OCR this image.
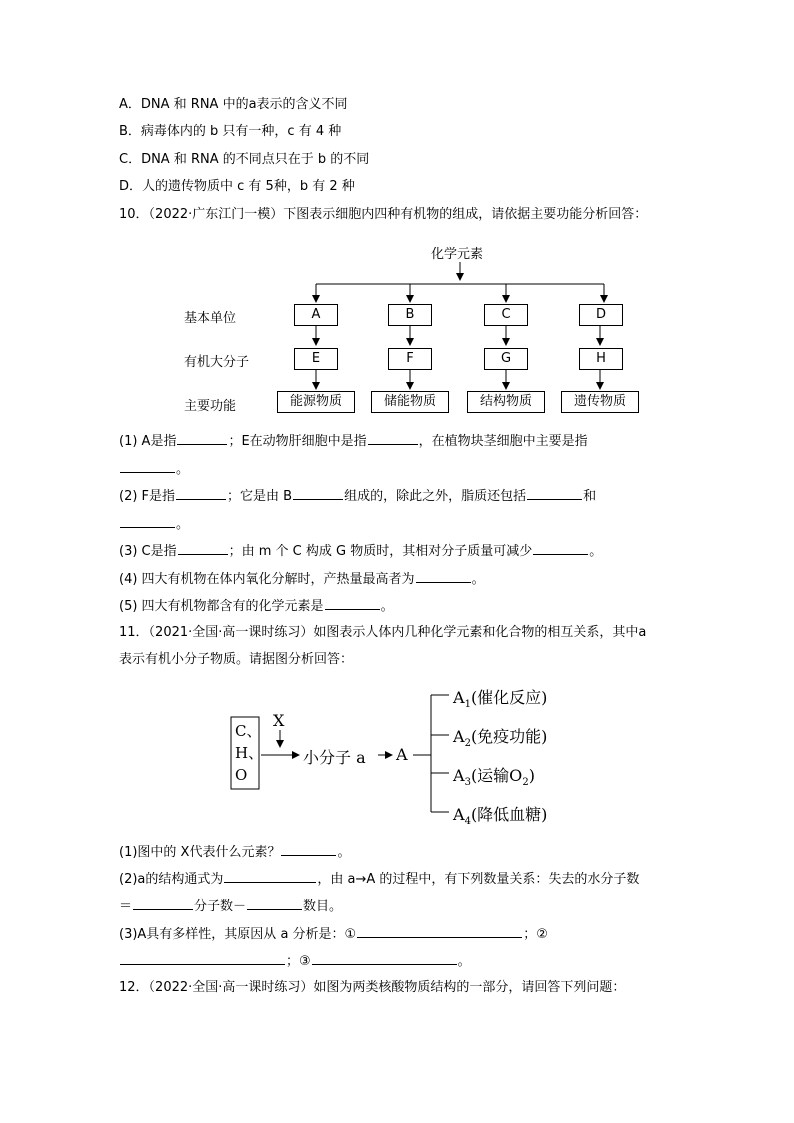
A．DNA 和 RNA 中的a表示的含义不同
B．病毒体内的 b 只有一种，c 有 4 种
C．DNA 和 RNA 的不同点只在于 b 的不同
D．人的遗传物质中 c 有 5种，b 有 2 种
10．（2022·广东江门一模）下图表示细胞内四种有机物的组成，请依据主要功能分析回答：
化学元素
基本单位
有机大分子
主要功能
A	B	C	D
E	F	G	H
能源物质	储能物质	结构物质	遗传物质
(1) A是指	；E在动物肝细胞中是指	，在植物块茎细胞中主要是指
。
(2) F是指	；它是由 B	组成的，除此之外，脂质还包括	和
。
(3) C是指	；由 m 个 C 构成 G 物质时，其相对分子质量可减少	。
(4) 四大有机物在体内氧化分解时，产热量最高者为	。
(5) 四大有机物都含有的化学元素是	。
11．（2021·全国·高一课时练习）如图表示人体内几种化学元素和化合物的相互关系，其中a
表示有机小分子物质。请据图分析回答：
C、
H、
O
X
小分子 a A
$A_1$(催化反应)
$A_2$(免疫功能)
$A_3$(运输$O_2$)
$A_4$(降低血糖)
(1)图中的 X代表什么元素？	。
(2)a的结构通式为	，由 a→A 的过程中，有下列数量关系：失去的水分子数
＝	分子数－	数目。
(3)A具有多样性，其原因从 a 分析是：①	；②
；③	。
12．（2022·全国·高一课时练习）如图为两类核酸物质结构的一部分，请回答下列问题：
